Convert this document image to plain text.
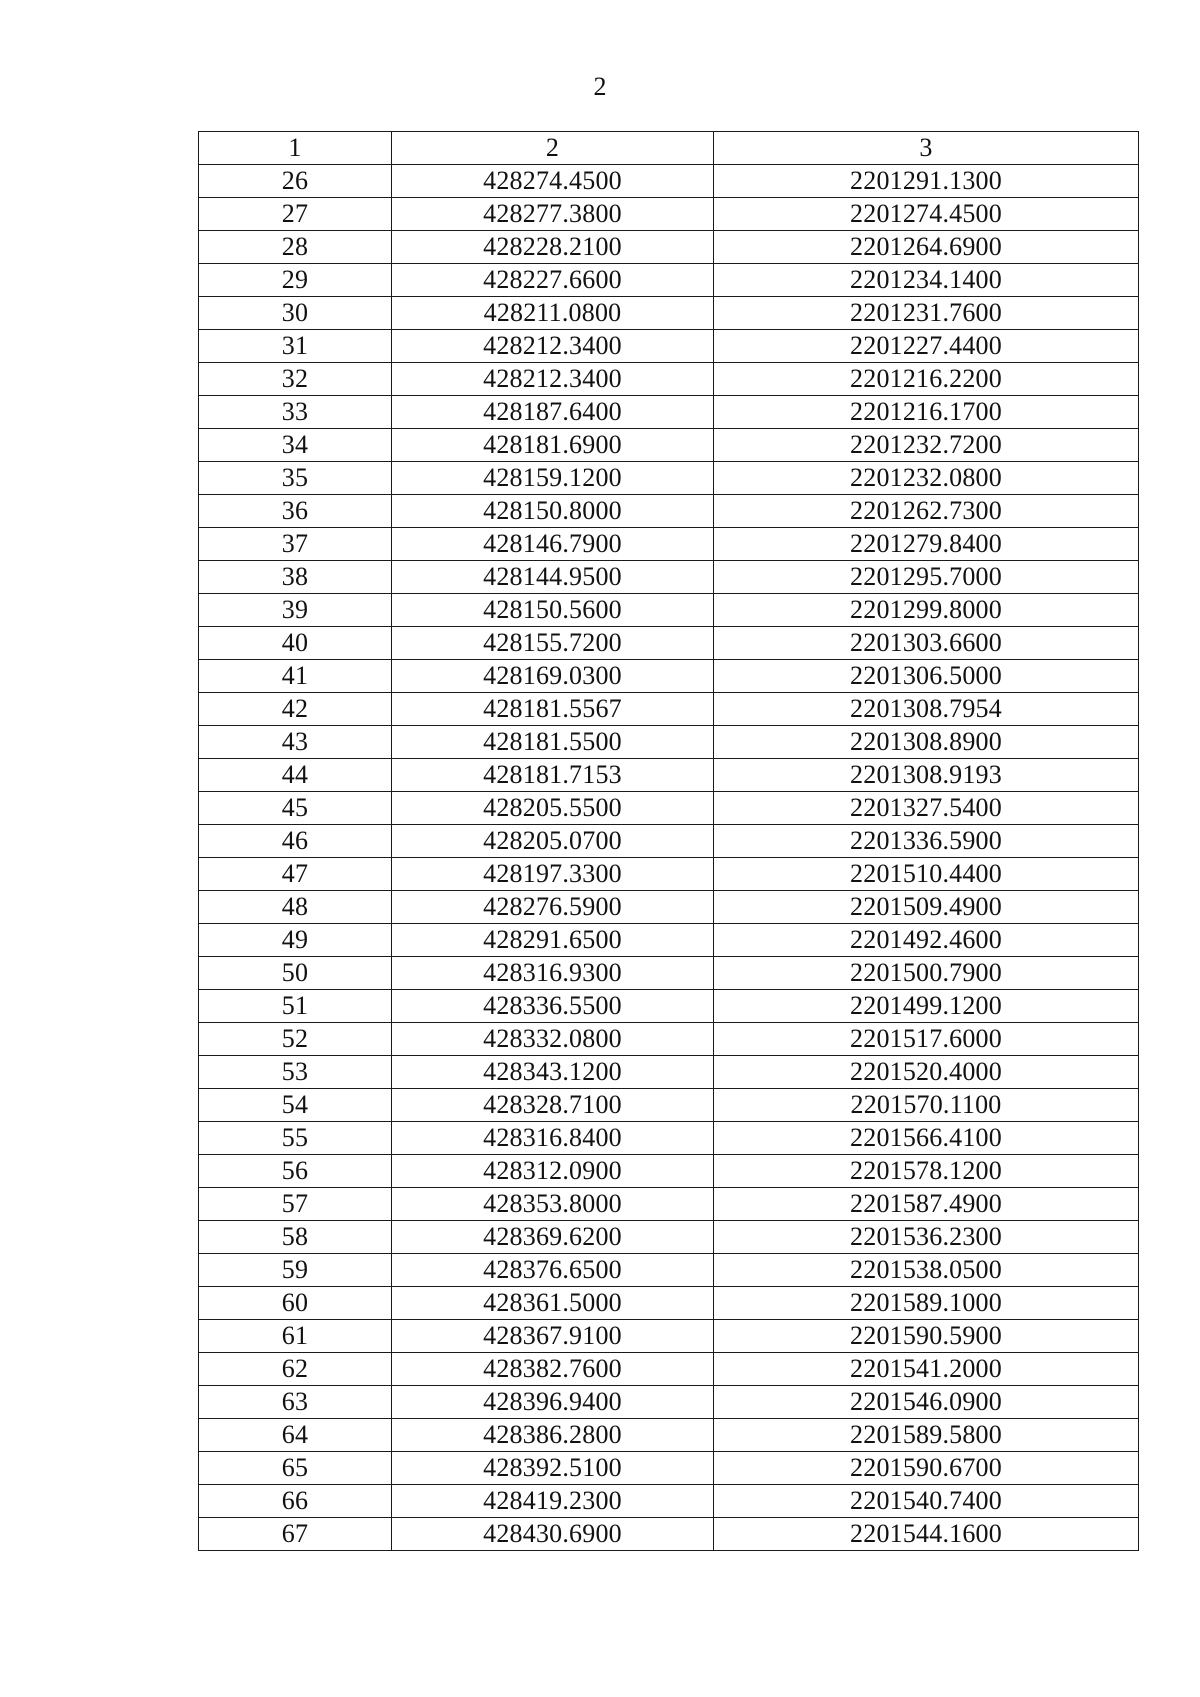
2
1	2	3
26	428274.4500	2201291.1300
27	428277.3800	2201274.4500
28	428228.2100	2201264.6900
29	428227.6600	2201234.1400
30	428211.0800	2201231.7600
31	428212.3400	2201227.4400
32	428212.3400	2201216.2200
33	428187.6400	2201216.1700
34	428181.6900	2201232.7200
35	428159.1200	2201232.0800
36	428150.8000	2201262.7300
37	428146.7900	2201279.8400
38	428144.9500	2201295.7000
39	428150.5600	2201299.8000
40	428155.7200	2201303.6600
41	428169.0300	2201306.5000
42	428181.5567	2201308.7954
43	428181.5500	2201308.8900
44	428181.7153	2201308.9193
45	428205.5500	2201327.5400
46	428205.0700	2201336.5900
47	428197.3300	2201510.4400
48	428276.5900	2201509.4900
49	428291.6500	2201492.4600
50	428316.9300	2201500.7900
51	428336.5500	2201499.1200
52	428332.0800	2201517.6000
53	428343.1200	2201520.4000
54	428328.7100	2201570.1100
55	428316.8400	2201566.4100
56	428312.0900	2201578.1200
57	428353.8000	2201587.4900
58	428369.6200	2201536.2300
59	428376.6500	2201538.0500
60	428361.5000	2201589.1000
61	428367.9100	2201590.5900
62	428382.7600	2201541.2000
63	428396.9400	2201546.0900
64	428386.2800	2201589.5800
65	428392.5100	2201590.6700
66	428419.2300	2201540.7400
67	428430.6900	2201544.1600
